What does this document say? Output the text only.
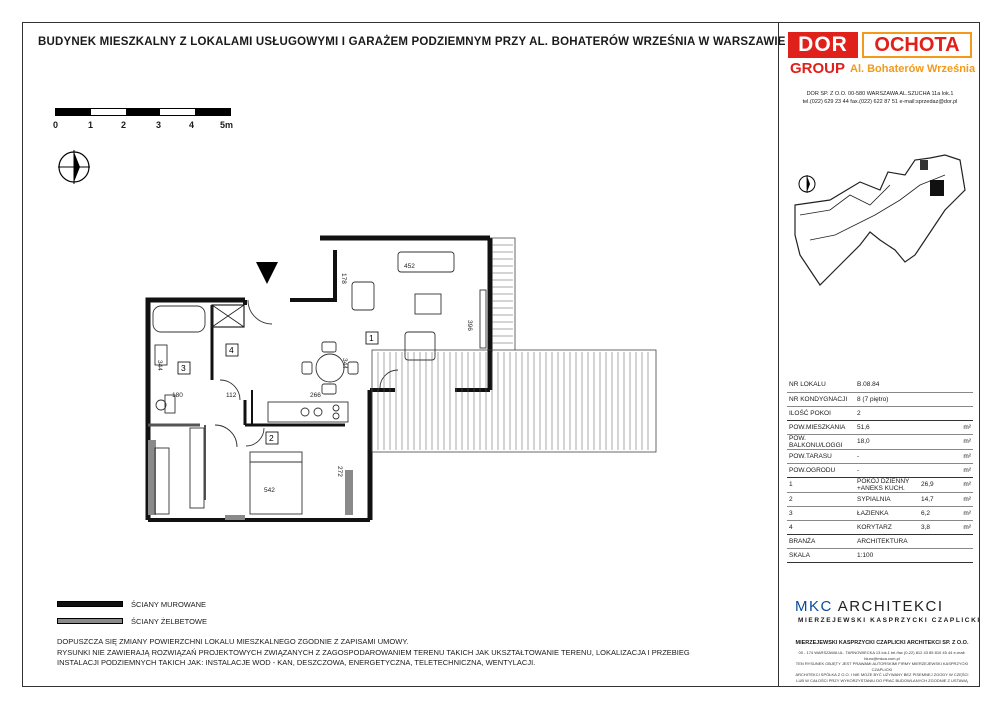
BUDYNEK MIESZKALNY Z LOKALAMI USŁUGOWYMI I GARAŻEM PODZIEMNYM PRZY AL. BOHATERÓW WRZEŚNIA W WARSZAWIE
0	1	2	3	4	5m
DOR	OCHOTA
GROUP Al. Bohaterów Września
DOR SP. Z O.O. 00-580 WARSZAWA AL.SZUCHA 11a lok.1
tel.(022) 629 23 44 fax.(022) 622 87 51 e-mail:sprzedaz@dor.pl
1
2
3
4
452
396
178
344
266
180	112
344
542
272
NR LOKALU	B.08.84		
NR KONDYGNACJI	8 (7 piętro)		
ILOŚĆ POKOI	2		
POW.MIESZKANIA	51,6		m²
POW. BALKONU/LOGGI	18,0		m²
POW.TARASU	-		m²
POW.OGRODU	-		m²
1	POKÓJ DZIENNY +ANEKS KUCH.	26,9	m²
2	SYPIALNIA	14,7	m²
3	ŁAZIENKA	6,2	m²
4	KORYTARZ	3,8	m²
BRANŻA	ARCHITEKTURA		
SKALA	1:100		
MKC ARCHITEKCI
MIERZEJEWSKI KASPRZYCKI CZAPLICKI
MIERZEJEWSKI KASPRZYCKI CZAPLICKI ARCHITEKCI SP. Z O.O.
00 - 174 WARSZAWA UL. TARNOWIECKA 13 lok.1 tel./fax (0-22) 812 43 85 810 45 44 e-mail: biuro@mkca.com.pl
TEN RYSUNEK OBJĘTY JEST PRAWAMI AUTORSKIMI FIRMY MIERZEJEWSKI KASPRZYCKI CZAPLICKI
ARCHITEKCI SPÓŁKA Z O.O. I NIE MOŻE BYĆ UŻYWANY BEZ PISEMNEJ ZGODY W CZĘŚCI
LUB W CAŁOŚCI PRZY WYKORZYSTANIU DO PRAC BUDOWLANYCH ZGODNIE Z USTAWĄ
ŚCIANY MUROWANE
ŚCIANY ŻELBETOWE
DOPUSZCZA SIĘ ZMIANY POWIERZCHNI LOKALU MIESZKALNEGO ZGODNIE Z ZAPISAMI UMOWY.
RYSUNKI NIE ZAWIERAJĄ ROZWIĄZAŃ PROJEKTOWYCH ZWIĄZANYCH Z ZAGOSPODAROWANIEM TERENU TAKICH JAK UKSZTAŁTOWANIE TERENU, LOKALIZACJA I PRZEBIEG
INSTALACJI PODZIEMNYCH TAKICH JAK: INSTALACJE WOD - KAN, DESZCZOWA, ENERGETYCZNA, TELETECHNICZNA, WENTYLACJI.
